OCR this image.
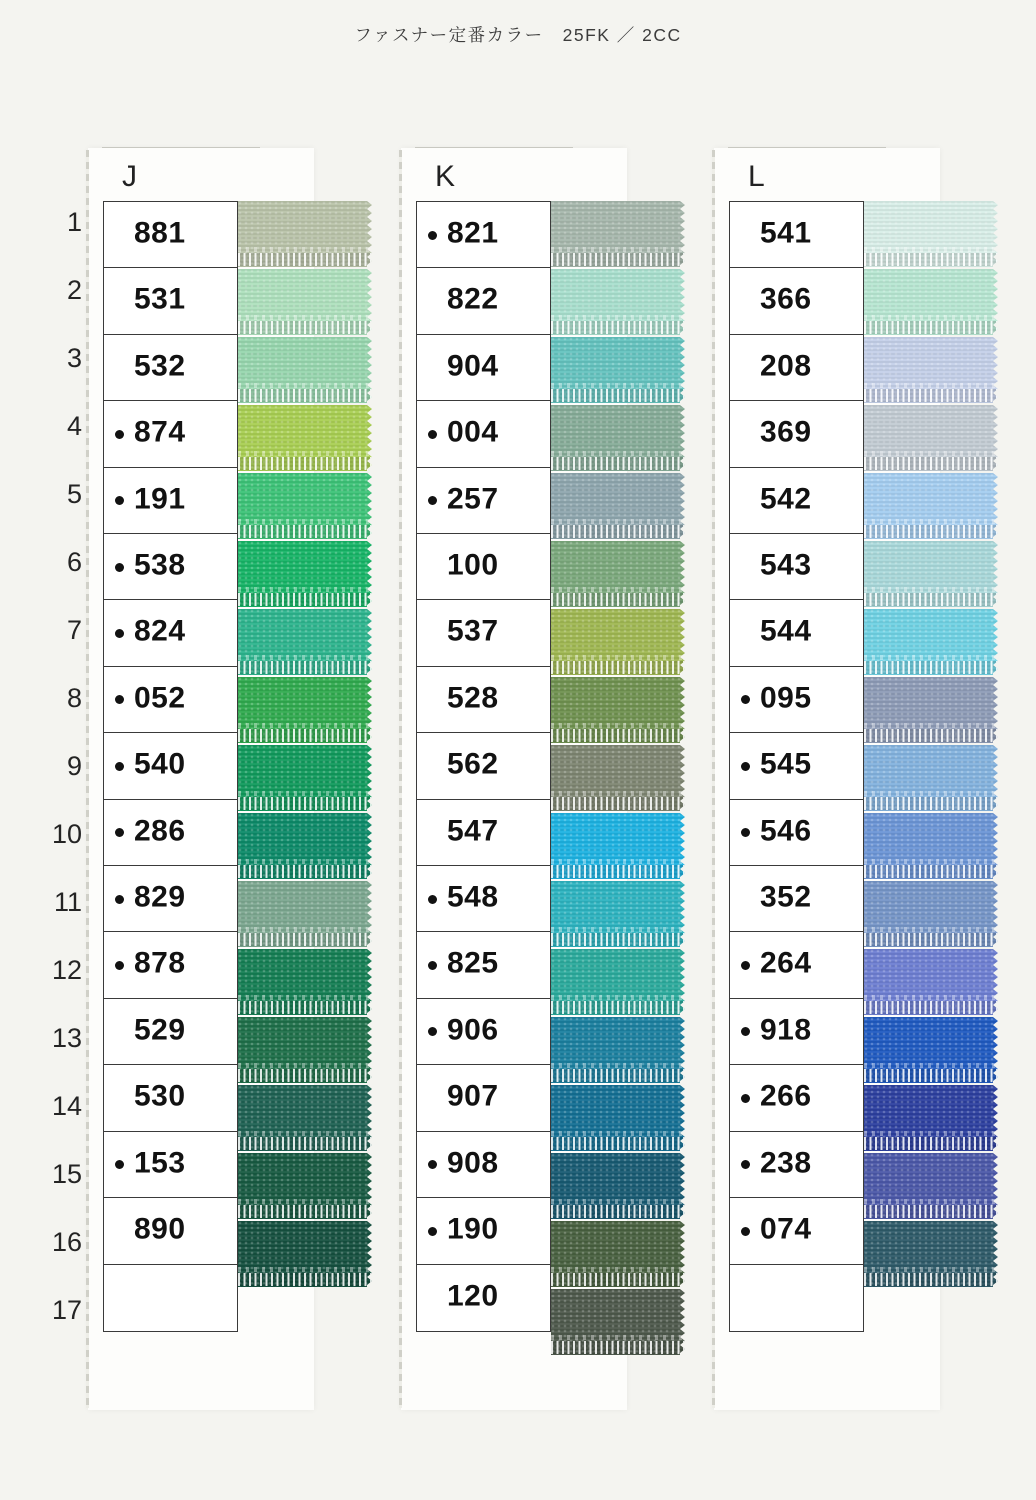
ファスナー定番カラー　25FK ／ 2CC
1
2
3
4
5
6
7
8
9
10
11
12
13
14
15
16
17
J
881
531
532
874
191
538
824
052
540
286
829
878
529
530
153
890
K
821
822
904
004
257
100
537
528
562
547
548
825
906
907
908
190
120
L
541
366
208
369
542
543
544
095
545
546
352
264
918
266
238
074
